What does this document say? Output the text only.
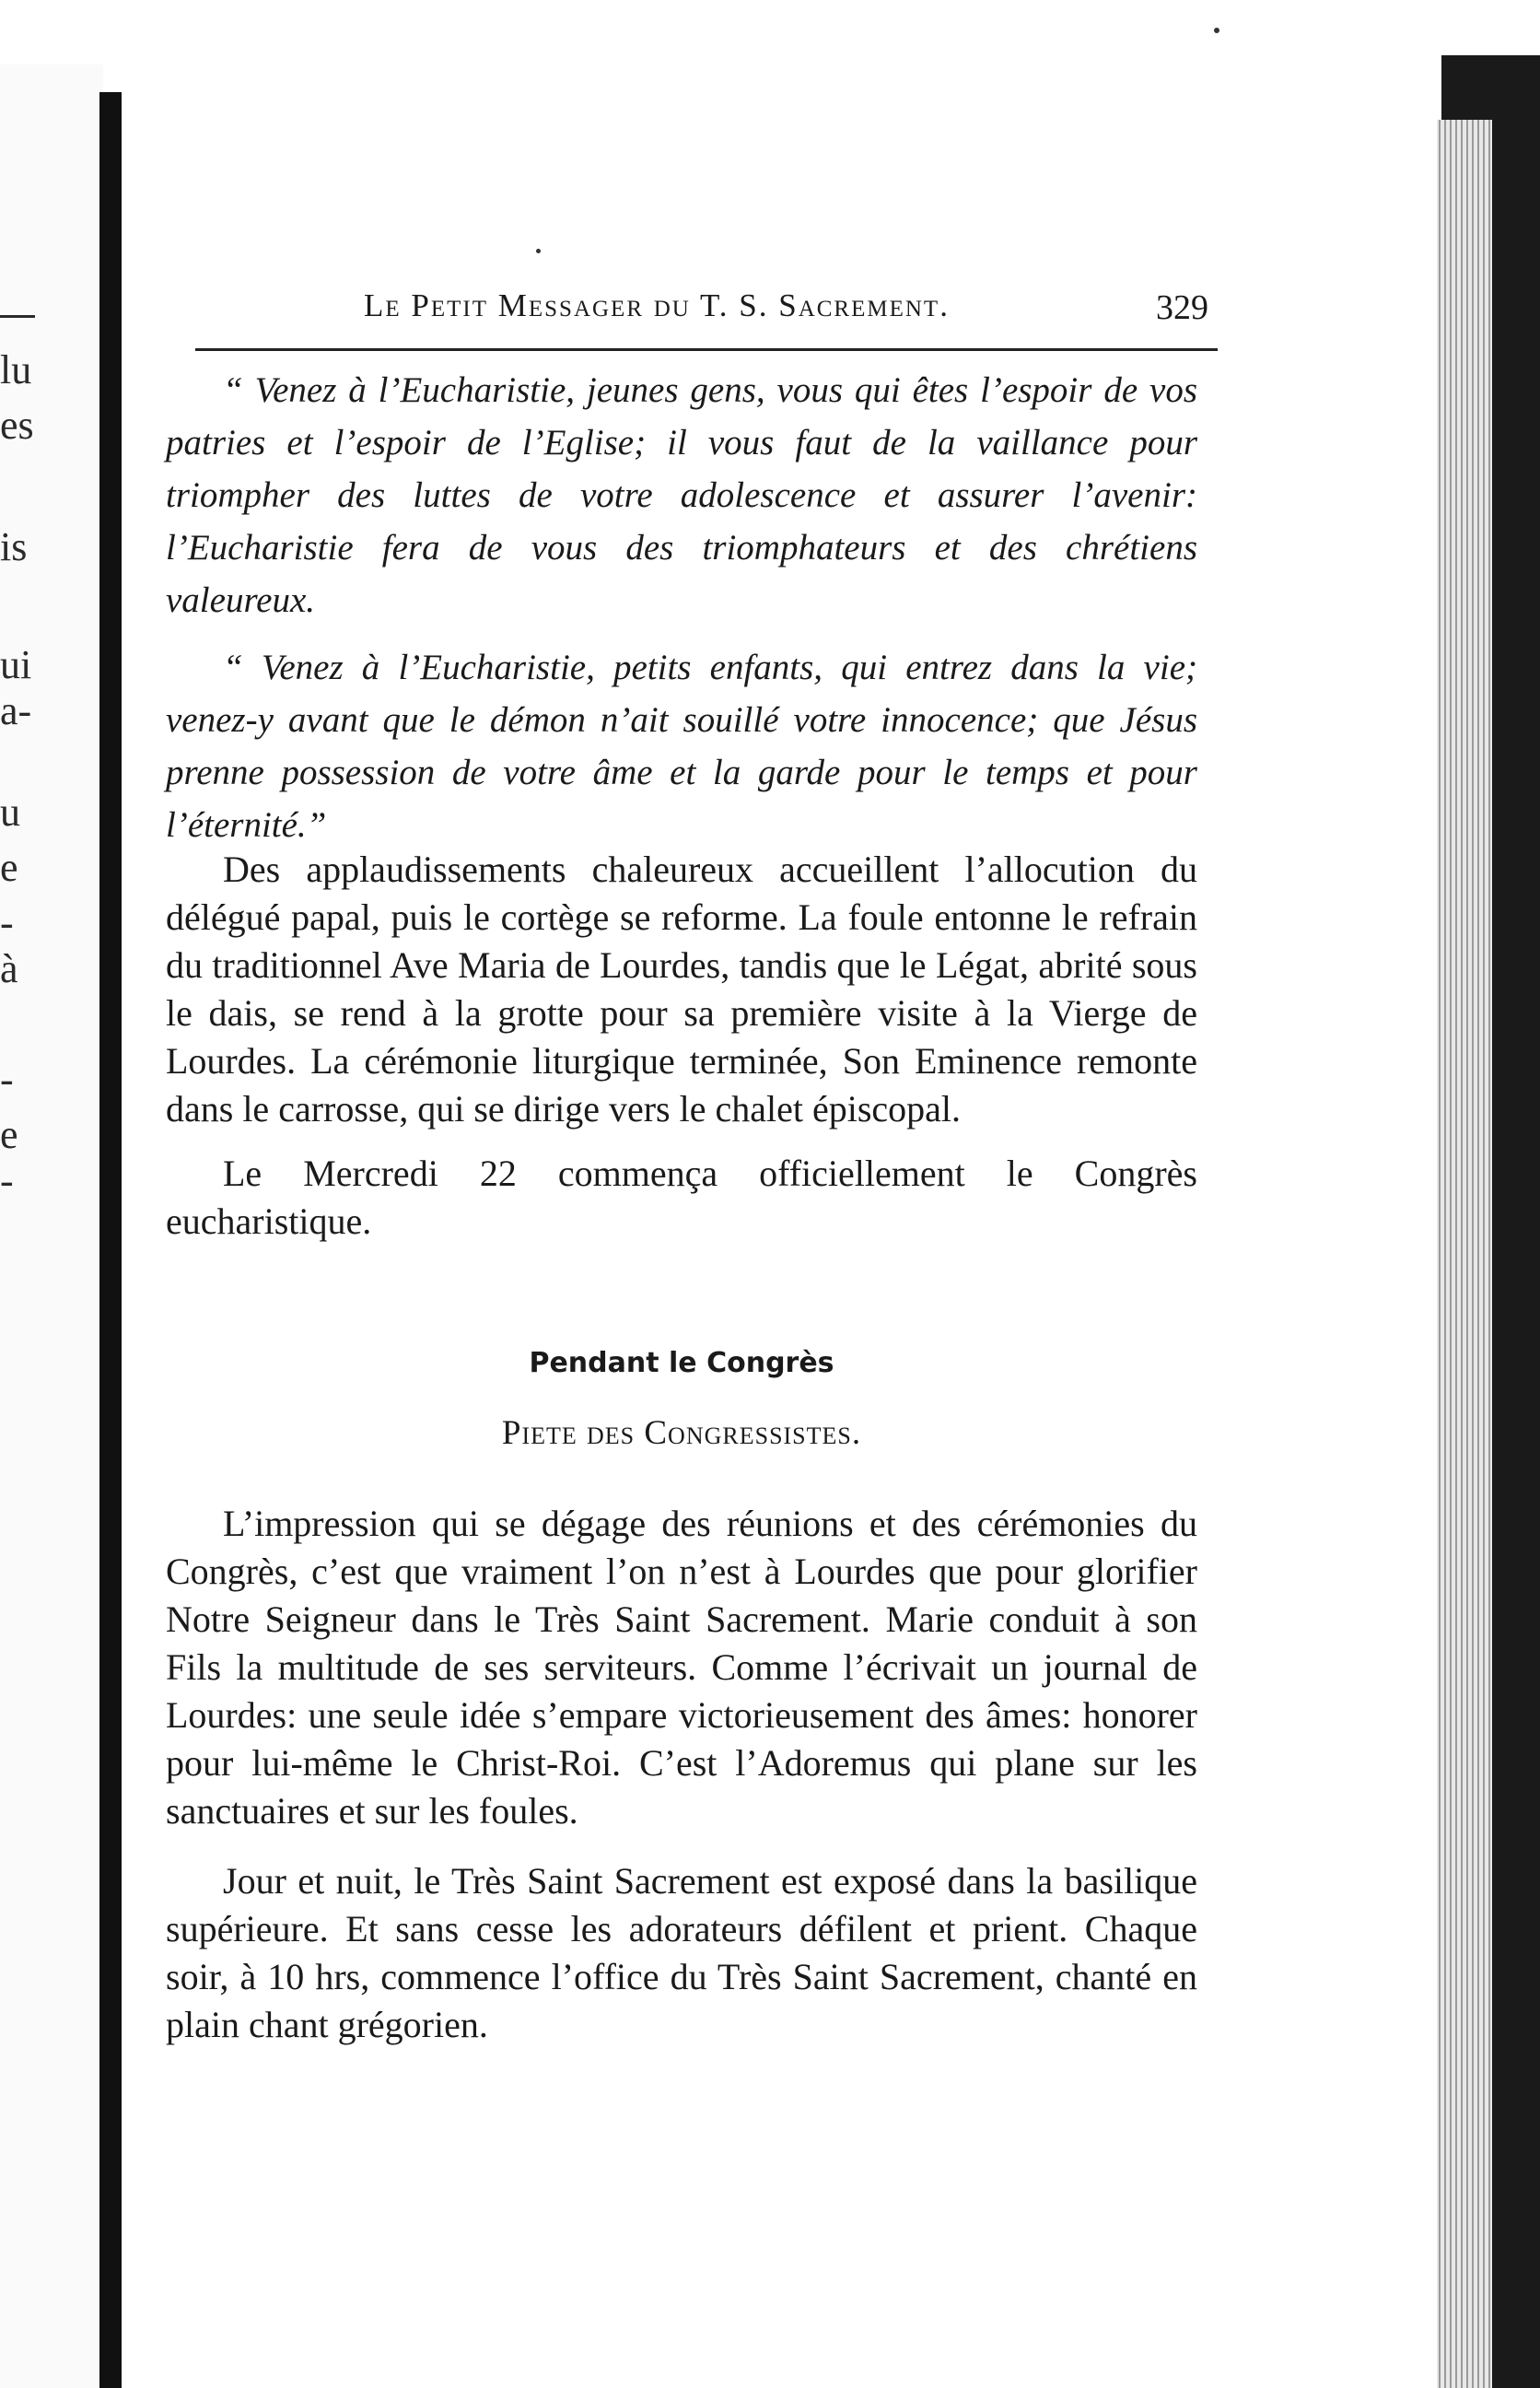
lu
es
is
ui
a-
u
e
-
à
-
e
-
Le Petit Messager du T. S. Sacrement.	329

“ Venez à l’Eucharistie, jeunes gens, vous qui êtes l’espoir de vos patries et l’espoir de l’Eglise; il vous faut de la vaillance pour triompher des luttes de votre adolescence et assurer l’avenir: l’Eucharistie fera de vous des triomphateurs et des chrétiens valeureux.

“ Venez à l’Eucharistie, petits enfants, qui entrez dans la vie; venez-y avant que le démon n’ait souillé votre innocence; que Jésus prenne possession de votre âme et la garde pour le temps et pour l’éternité.”

Des applaudissements chaleureux accueillent l’allocution du délégué papal, puis le cortège se reforme. La foule entonne le refrain du traditionnel Ave Maria de Lourdes, tandis que le Légat, abrité sous le dais, se rend à la grotte pour sa première visite à la Vierge de Lourdes. La cérémonie liturgique terminée, Son Eminence remonte dans le carrosse, qui se dirige vers le chalet épiscopal.

Le Mercredi 22 commença officiellement le Congrès eucharistique.

Pendant le Congrès
Piete des Congressistes.

L’impression qui se dégage des réunions et des cérémonies du Congrès, c’est que vraiment l’on n’est à Lourdes que pour glorifier Notre Seigneur dans le Très Saint Sacrement. Marie conduit à son Fils la multitude de ses serviteurs. Comme l’écrivait un journal de Lourdes: une seule idée s’empare victorieusement des âmes: honorer pour lui-même le Christ-Roi. C’est l’Adoremus qui plane sur les sanctuaires et sur les foules.

Jour et nuit, le Très Saint Sacrement est exposé dans la basilique supérieure. Et sans cesse les adorateurs défilent et prient. Chaque soir, à 10 hrs, commence l’office du Très Saint Sacrement, chanté en plain chant grégorien.
